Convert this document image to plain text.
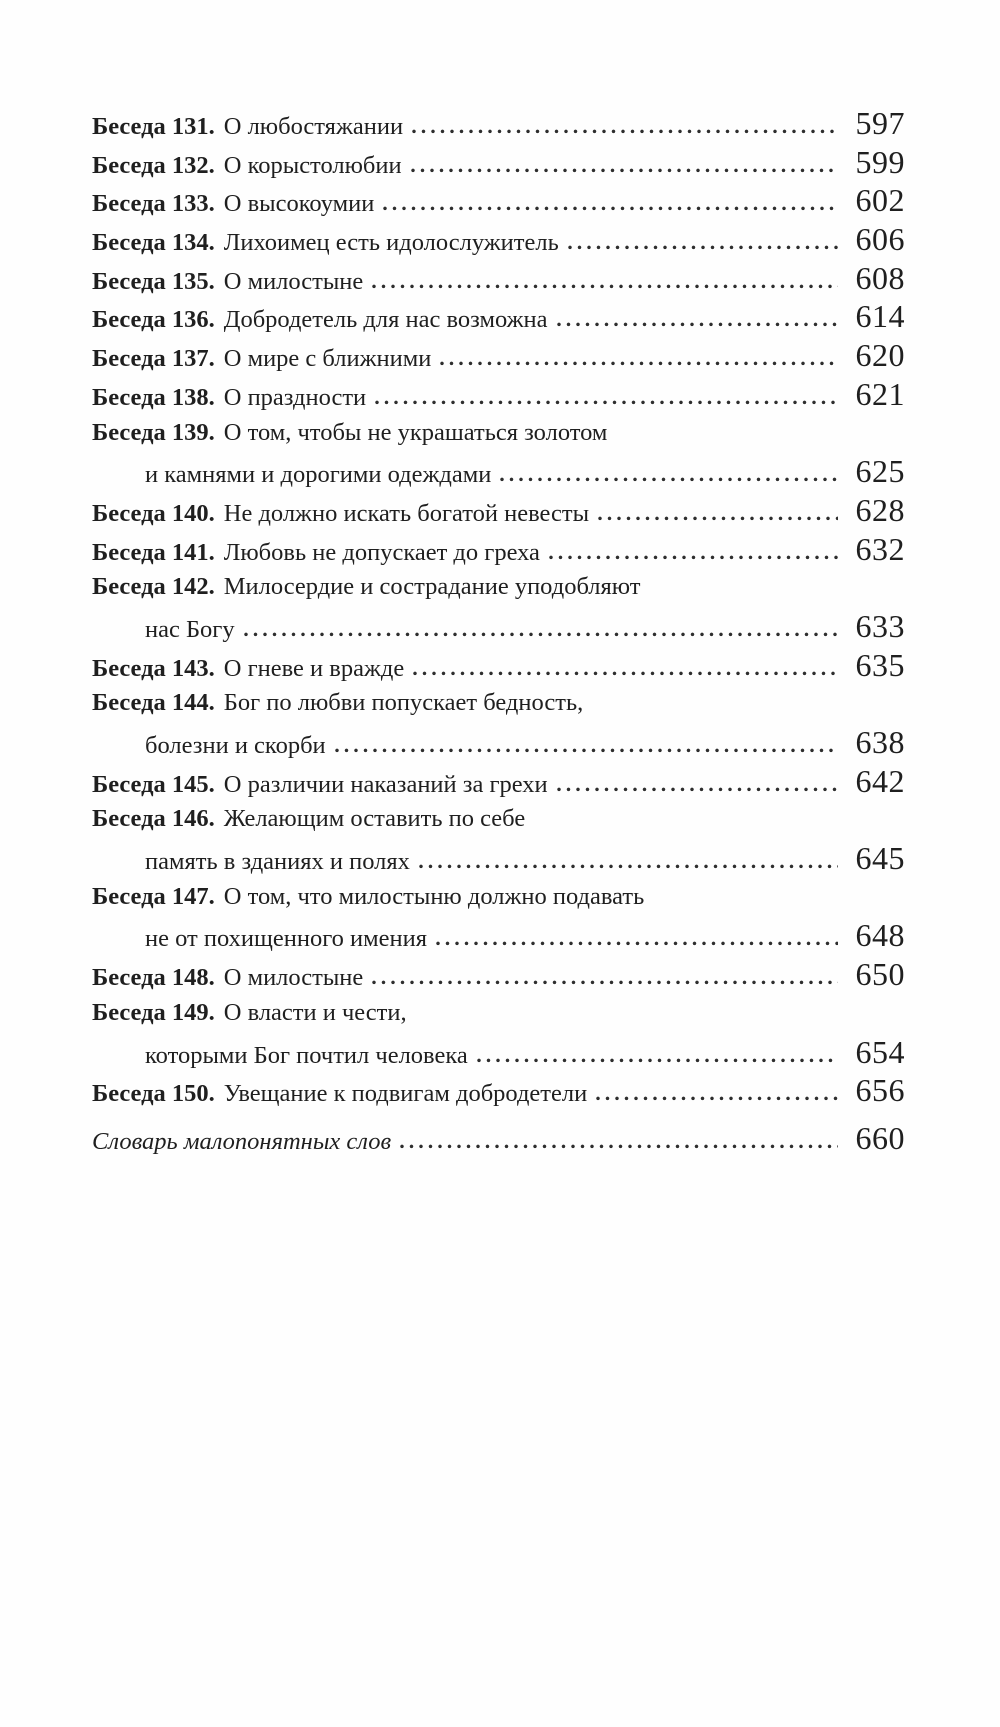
Беседа 131. О любостяжании	597
Беседа 132. О корыстолюбии	599
Беседа 133. О высокоумии	602
Беседа 134. Лихоимец есть идолослужитель	606
Беседа 135. О милостыне	608
Беседа 136. Добродетель для нас возможна	614
Беседа 137. О мире с ближними	620
Беседа 138. О праздности	621
Беседа 139. О том, чтобы не украшаться золотом
и камнями и дорогими одеждами	625
Беседа 140. Не должно искать богатой невесты	628
Беседа 141. Любовь не допускает до греха	632
Беседа 142. Милосердие и сострадание уподобляют
нас Богу	633
Беседа 143. О гневе и вражде	635
Беседа 144. Бог по любви попускает бедность,
болезни и скорби	638
Беседа 145. О различии наказаний за грехи	642
Беседа 146. Желающим оставить по себе
память в зданиях и полях	645
Беседа 147. О том, что милостыню должно подавать
не от похищенного имения	648
Беседа 148. О милостыне	650
Беседа 149. О власти и чести,
которыми Бог почтил человека	654
Беседа 150. Увещание к подвигам добродетели	656
Словарь малопонятных слов	660
